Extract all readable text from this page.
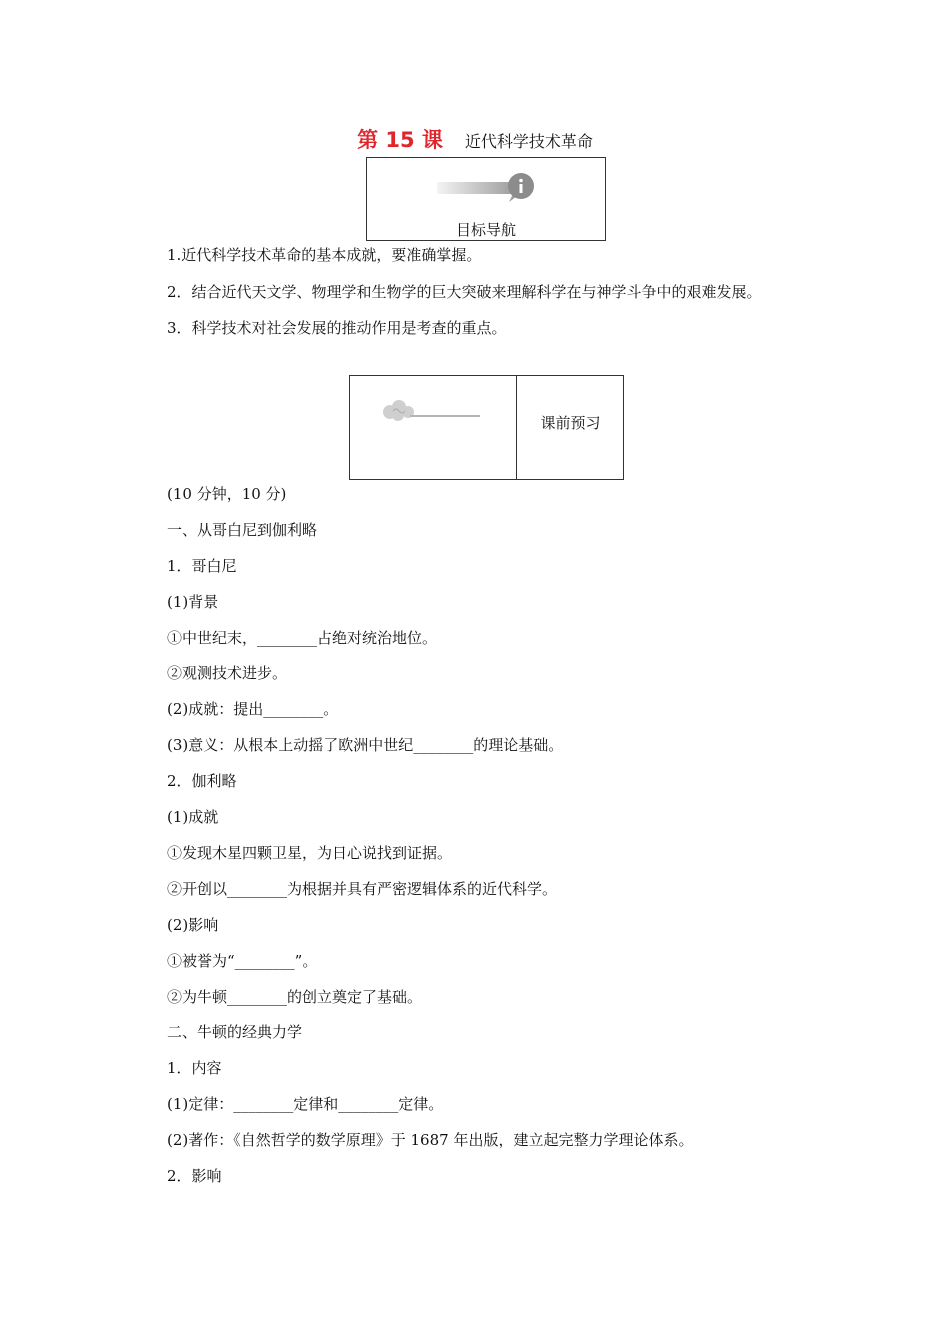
第 15 课 近代科学技术革命
目标导航
1.近代科学技术革命的基本成就，要准确掌握。
2．结合近代天文学、物理学和生物学的巨大突破来理解科学在与神学斗争中的艰难发展。
3．科学技术对社会发展的推动作用是考查的重点。
课前预习
(10 分钟，10 分)
一、从哥白尼到伽利略
1．哥白尼
(1)背景
①中世纪末，________占绝对统治地位。
②观测技术进步。
(2)成就：提出________。
(3)意义：从根本上动摇了欧洲中世纪________的理论基础。
2．伽利略
(1)成就
①发现木星四颗卫星，为日心说找到证据。
②开创以________为根据并具有严密逻辑体系的近代科学。
(2)影响
①被誉为“________”。
②为牛顿________的创立奠定了基础。
二、牛顿的经典力学
1．内容
(1)定律：________定律和________定律。
(2)著作：《自然哲学的数学原理》于 1687 年出版，建立起完整力学理论体系。
2．影响
